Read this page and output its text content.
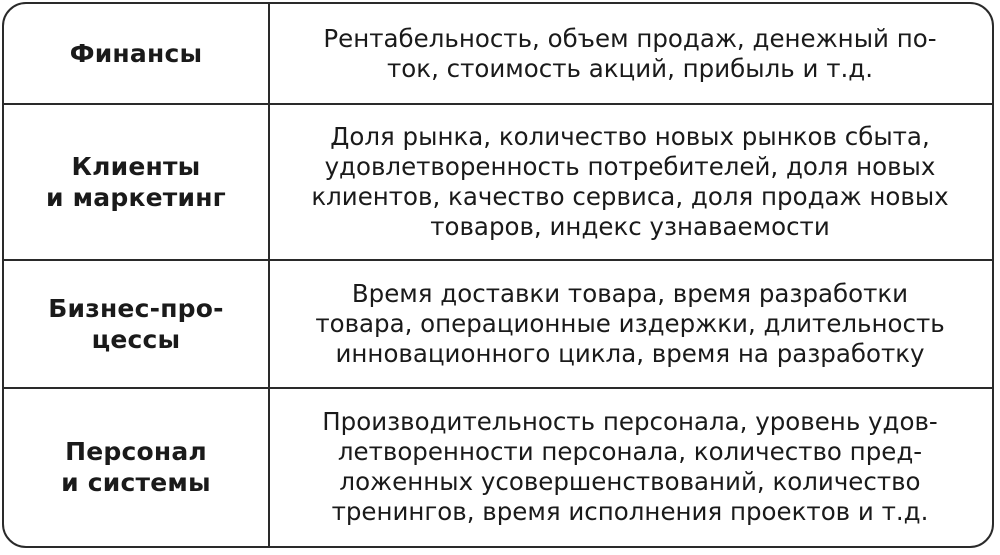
Финансы
Рентабельность, объем продаж, денежный по-
ток, стоимость акций, прибыль и т.д.
Клиенты
и маркетинг
Доля рынка, количество новых рынков сбыта,
удовлетворенность потребителей, доля новых
клиентов, качество сервиса, доля продаж новых
товаров, индекс узнаваемости
Бизнес-про-
цессы
Время доставки товара, время разработки
товара, операционные издержки, длительность
инновационного цикла, время на разработку
Персонал
и системы
Производительность персонала, уровень удов-
летворенности персонала, количество пред-
ложенных усовершенствований, количество
тренингов, время исполнения проектов и т.д.
